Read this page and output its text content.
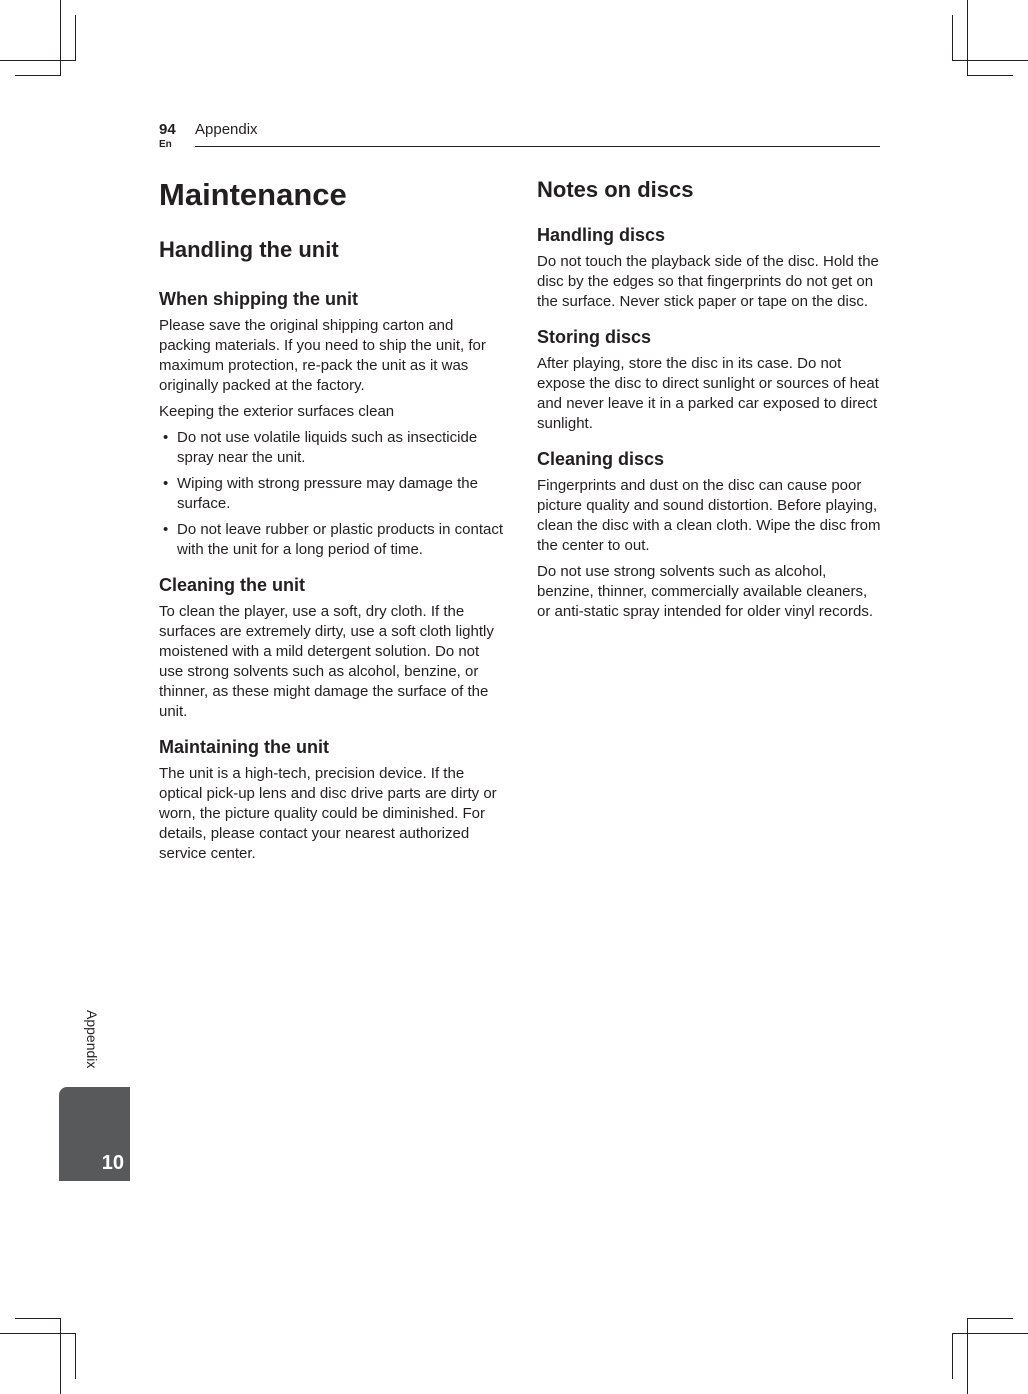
94
En
Appendix
Maintenance
Handling the unit
When shipping the unit

Please save the original shipping carton and packing materials. If you need to ship the unit, for maximum protection, re-pack the unit as it was originally packed at the factory.

Keeping the exterior surfaces clean

• Do not use volatile liquids such as insecticide spray near the unit.
• Wiping with strong pressure may damage the surface.
• Do not leave rubber or plastic products in contact with the unit for a long period of time.
Cleaning the unit

To clean the player, use a soft, dry cloth. If the surfaces are extremely dirty, use a soft cloth lightly moistened with a mild detergent solution. Do not use strong solvents such as alcohol, benzine, or thinner, as these might damage the surface of the unit.

Maintaining the unit

The unit is a high-tech, precision device. If the optical pick-up lens and disc drive parts are dirty or worn, the picture quality could be diminished. For details, please contact your nearest authorized service center.

Notes on discs
Handling discs

Do not touch the playback side of the disc. Hold the disc by the edges so that fingerprints do not get on the surface. Never stick paper or tape on the disc.

Storing discs

After playing, store the disc in its case. Do not expose the disc to direct sunlight or sources of heat and never leave it in a parked car exposed to direct sunlight.

Cleaning discs

Fingerprints and dust on the disc can cause poor picture quality and sound distortion. Before playing, clean the disc with a clean cloth. Wipe the disc from the center to out.

Do not use strong solvents such as alcohol, benzine, thinner, commercially available cleaners, or anti-static spray intended for older vinyl records.

Appendix
10
